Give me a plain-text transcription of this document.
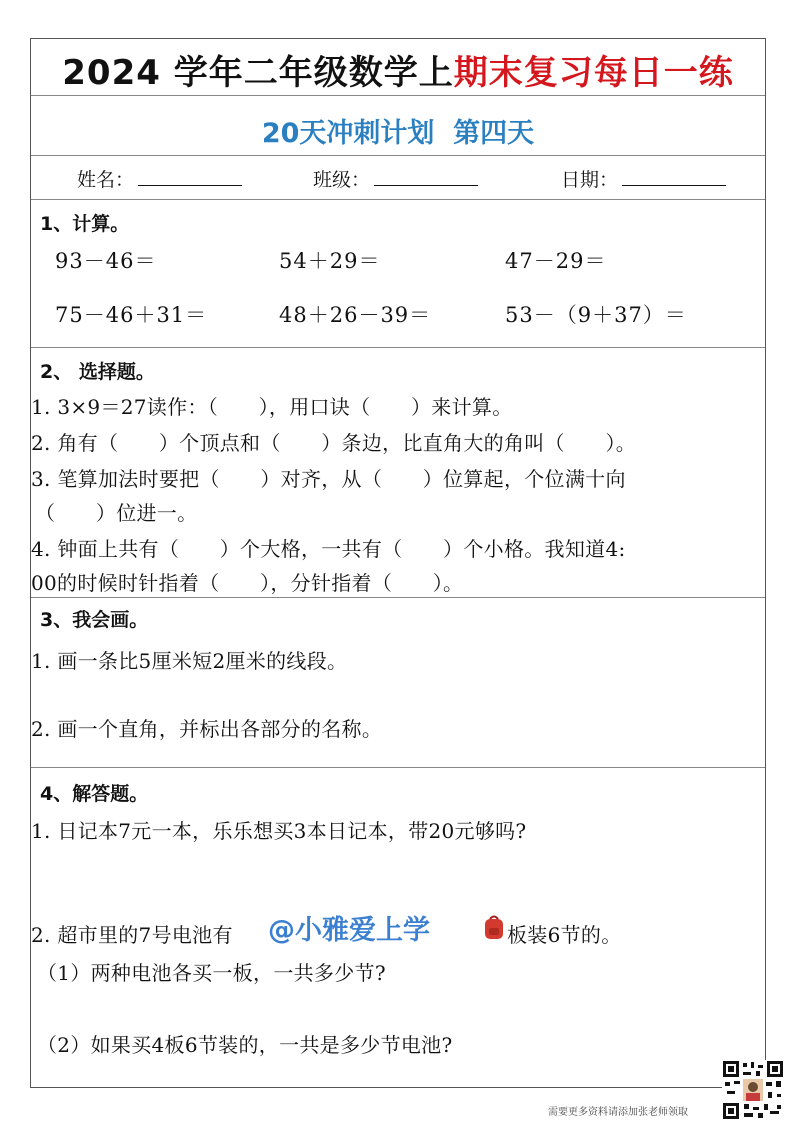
2024 学年二年级数学上期末复习每日一练
20天冲刺计划  第四天
姓名：	班级：	日期：
1、计算。
93－46＝	54＋29＝	47－29＝
75－46＋31＝	48＋26－39＝	53－（9＋37）＝
2、 选择题。
1. 3×9＝27读作：（　　），用口诀（　　）来计算。
2. 角有（　　）个顶点和（　　）条边，比直角大的角叫（　　）。
3. 笔算加法时要把（　　）对齐，从（　　）位算起，个位满十向
（　　）位进一。
4. 钟面上共有（　　）个大格，一共有（　　）个小格。我知道4:
00的时候时针指着（　　），分针指着（　　）。
3、我会画。
1. 画一条比5厘米短2厘米的线段。
2. 画一个直角，并标出各部分的名称。
4、解答题。
1. 日记本7元一本，乐乐想买3本日记本，带20元够吗?
2. 超市里的7号电池有	板装6节的。
（1）两种电池各买一板，一共多少节?
（2）如果买4板6节装的，一共是多少节电池?
@小雅爱上学
需要更多资料请添加张老师领取
